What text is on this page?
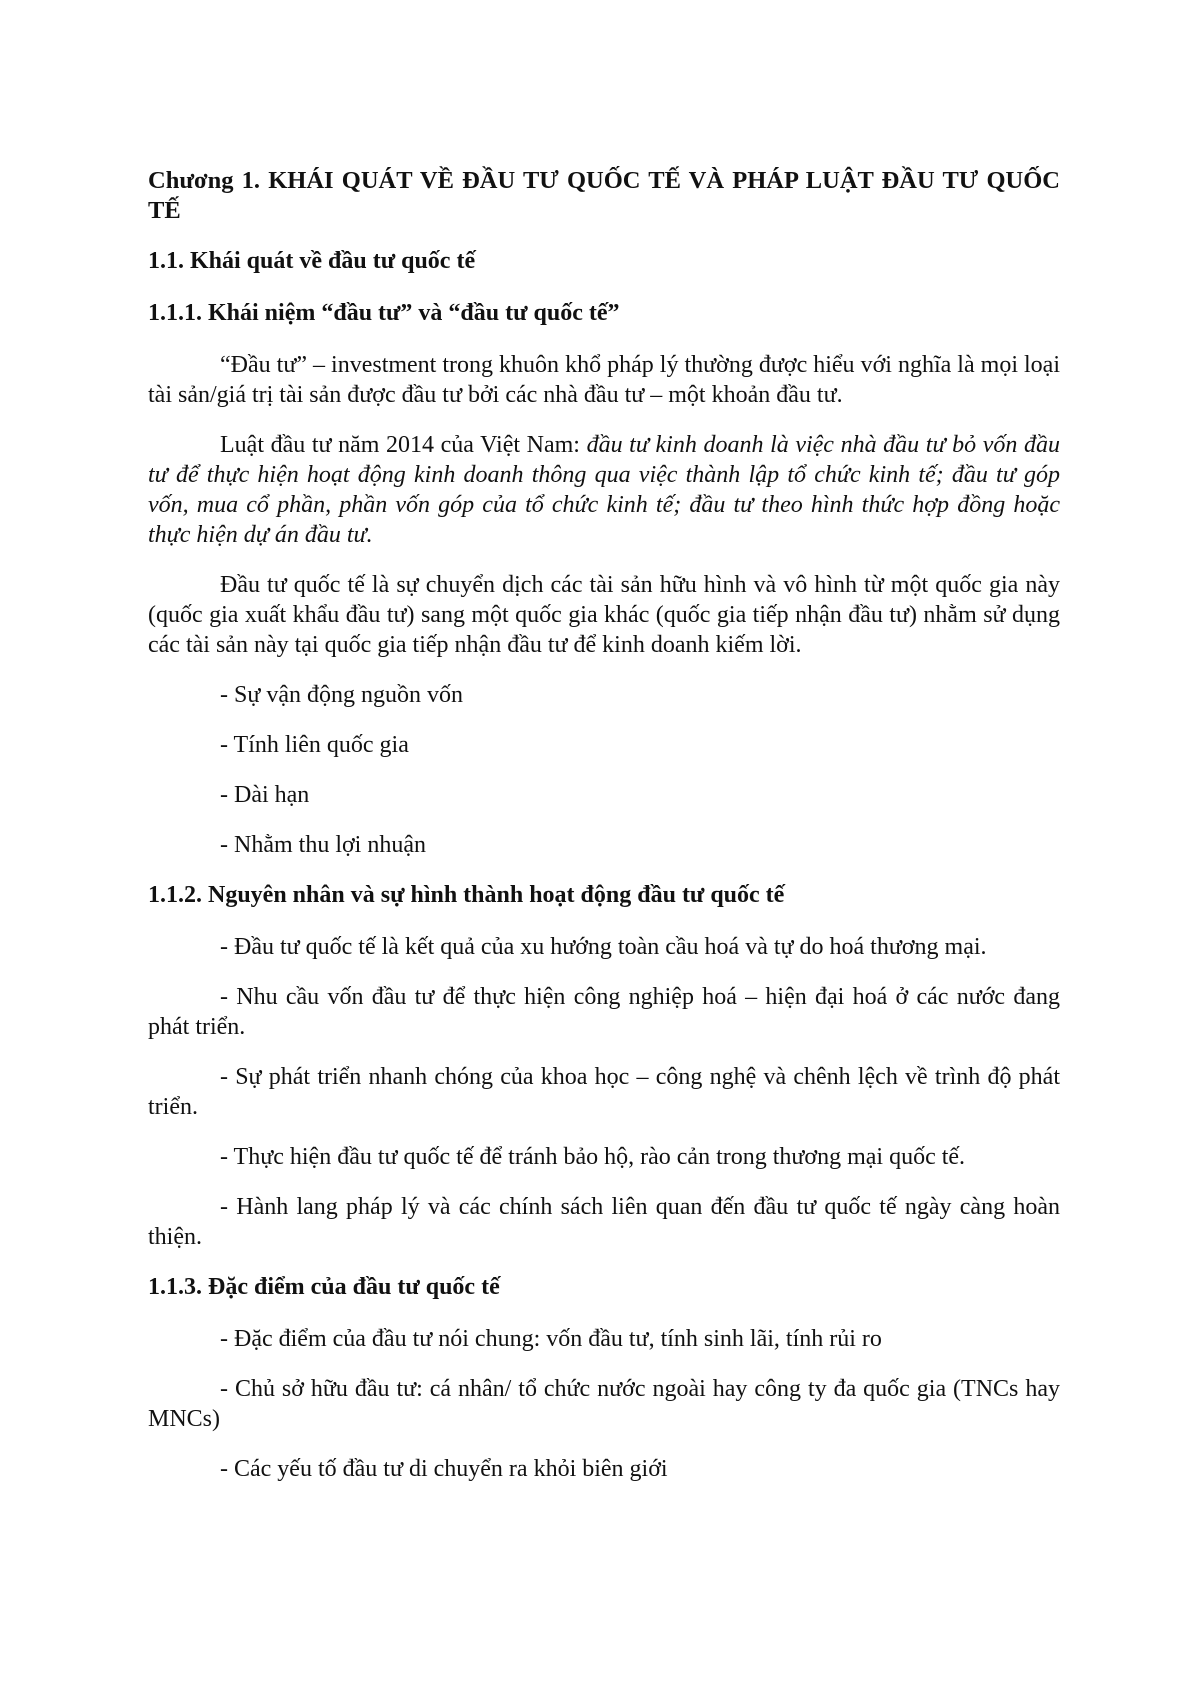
Chương 1. KHÁI QUÁT VỀ ĐẦU TƯ QUỐC TẾ VÀ PHÁP LUẬT ĐẦU TƯ QUỐC TẾ
1.1. Khái quát về đầu tư quốc tế
1.1.1. Khái niệm “đầu tư” và “đầu tư quốc tế”

“Đầu tư” – investment trong khuôn khổ pháp lý thường được hiểu với nghĩa là mọi loại tài sản/giá trị tài sản được đầu tư bởi các nhà đầu tư – một khoản đầu tư.

Luật đầu tư năm 2014 của Việt Nam: đầu tư kinh doanh là việc nhà đầu tư bỏ vốn đầu tư để thực hiện hoạt động kinh doanh thông qua việc thành lập tổ chức kinh tế; đầu tư góp vốn, mua cổ phần, phần vốn góp của tổ chức kinh tế; đầu tư theo hình thức hợp đồng hoặc thực hiện dự án đầu tư.

Đầu tư quốc tế là sự chuyển dịch các tài sản hữu hình và vô hình từ một quốc gia này (quốc gia xuất khẩu đầu tư) sang một quốc gia khác (quốc gia tiếp nhận đầu tư) nhằm sử dụng các tài sản này tại quốc gia tiếp nhận đầu tư để kinh doanh kiếm lời.

- Sự vận động nguồn vốn

- Tính liên quốc gia

- Dài hạn

- Nhằm thu lợi nhuận

1.1.2. Nguyên nhân và sự hình thành hoạt động đầu tư quốc tế

- Đầu tư quốc tế là kết quả của xu hướng toàn cầu hoá và tự do hoá thương mại.

- Nhu cầu vốn đầu tư để thực hiện công nghiệp hoá – hiện đại hoá ở các nước đang phát triển.

- Sự phát triển nhanh chóng của khoa học – công nghệ và chênh lệch về trình độ phát triển.

- Thực hiện đầu tư quốc tế để tránh bảo hộ, rào cản trong thương mại quốc tế.

- Hành lang pháp lý và các chính sách liên quan đến đầu tư quốc tế ngày càng hoàn thiện.

1.1.3. Đặc điểm của đầu tư quốc tế

- Đặc điểm của đầu tư nói chung: vốn đầu tư, tính sinh lãi, tính rủi ro

- Chủ sở hữu đầu tư: cá nhân/ tổ chức nước ngoài hay công ty đa quốc gia (TNCs hay MNCs)

- Các yếu tố đầu tư di chuyển ra khỏi biên giới
